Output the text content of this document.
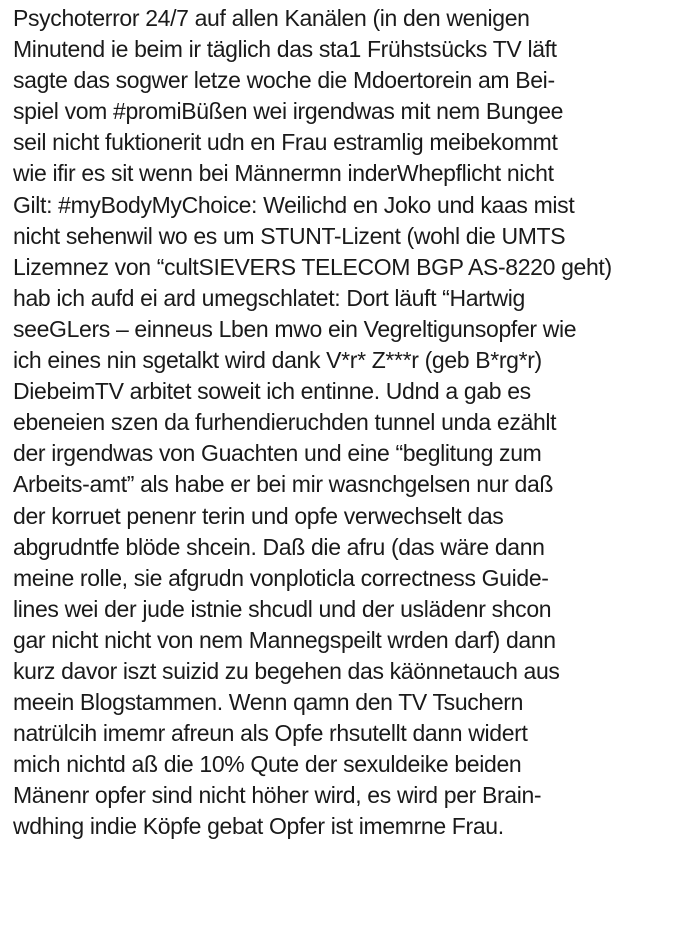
Psychoterror 24/7 auf allen Kanälen (in den wenigen
Minutend ie beim ir täglich das sta1 Frühstsücks TV läft
sagte das sogwer letze woche die Mdoertorein am Bei-
spiel vom #promiBüßen wei irgendwas mit nem Bungee
seil nicht fuktionerit udn en Frau estramlig meibekommt
wie ifir es sit wenn bei Männermn inderWhepflicht nicht
Gilt: #myBodyMyChoice: Weilichd en Joko und kaas mist
nicht sehenwil wo es um STUNT-Lizent (wohl die UMTS
Lizemnez von “cultSIEVERS TELECOM BGP AS-8220 geht)
hab ich aufd ei ard umegschlatet: Dort läuft “Hartwig
seeGLers – einneus Lben mwo ein Vegreltigunsopfer wie
ich eines nin sgetalkt wird dank V*r* Z***r (geb B*rg*r)
DiebeimTV arbitet soweit ich entinne. Udnd a gab es
ebeneien szen da furhendieruchden tunnel unda ezählt
der irgendwas von Guachten und eine “beglitung zum
Arbeits-amt” als habe er bei mir wasnchgelsen nur daß
der korruet penenr terin und opfe verwechselt das
abgrudntfe blöde shcein. Daß die afru (das wäre dann
meine rolle, sie afgrudn vonploticla correctness Guide-
lines wei der jude istnie shcudl und der uslädenr shcon
gar nicht nicht von nem Mannegspeilt wrden darf) dann
kurz davor iszt suizid zu begehen das käönnetauch aus
meein Blogstammen. Wenn qamn den TV Tsuchern
natrülcih imemr afreun als Opfe rhsutellt dann widert
mich nichtd aß die 10% Qute der sexuldeike beiden
Mänenr opfer sind nicht höher wird, es wird per Brain-
wdhing indie Köpfe gebat Opfer ist imemrne Frau.
